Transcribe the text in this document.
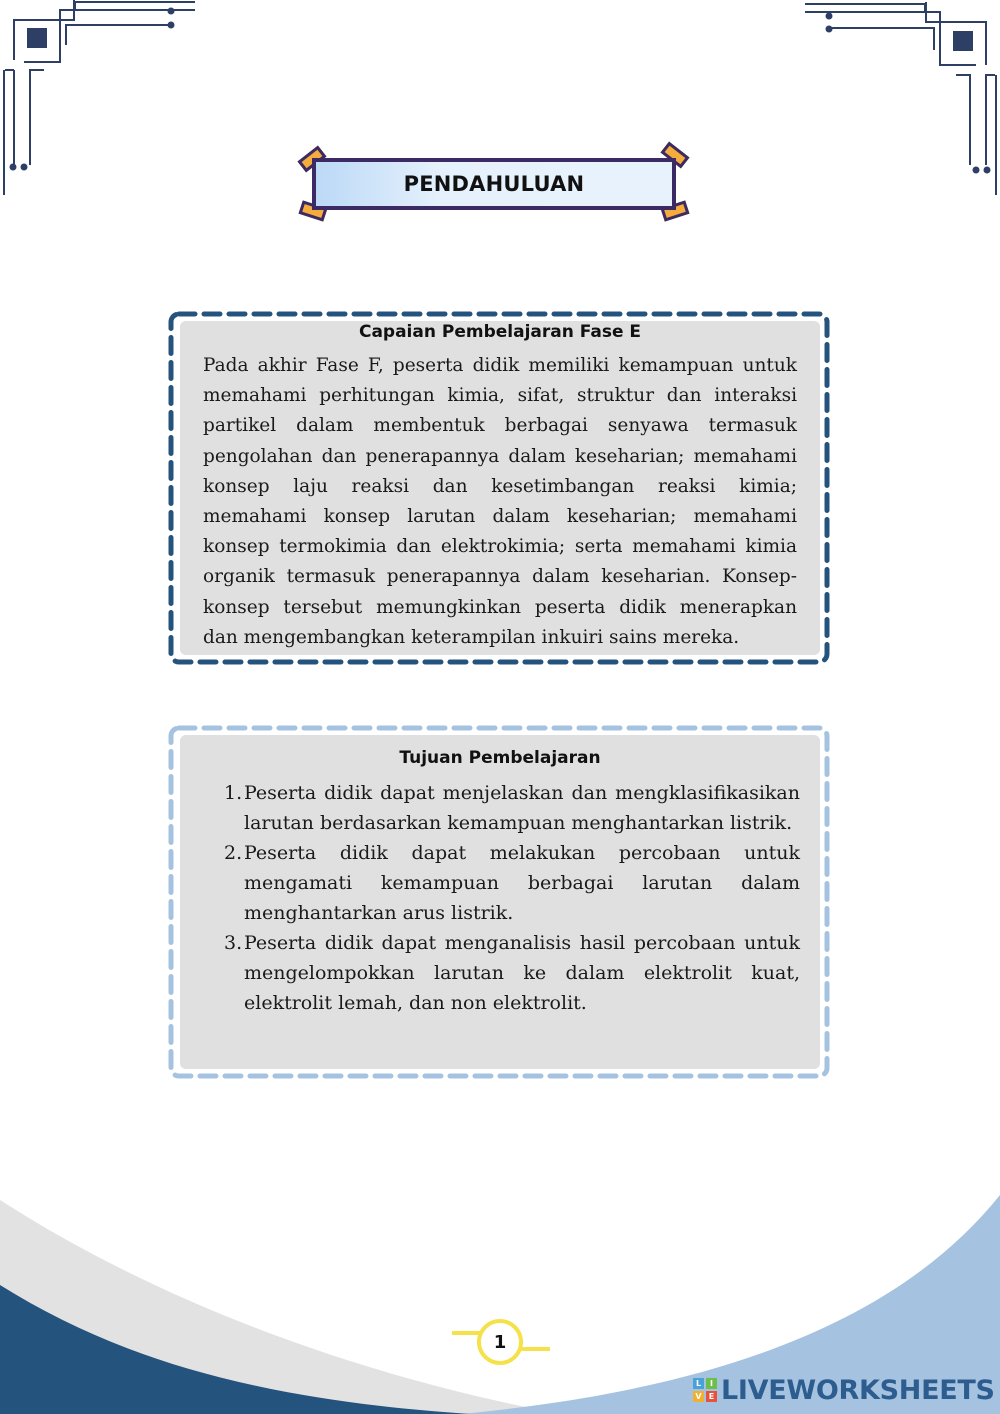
PENDAHULUAN
Capaian Pembelajaran Fase E

Pada akhir Fase F, peserta didik memiliki kemampuan untuk memahami perhitungan kimia, sifat, struktur dan interaksi partikel dalam membentuk berbagai senyawa termasuk pengolahan dan penerapannya dalam keseharian; memahami konsep laju reaksi dan kesetimbangan reaksi kimia; memahami konsep larutan dalam keseharian; memahami konsep termokimia dan elektrokimia; serta memahami kimia organik termasuk penerapannya dalam keseharian. Konsep-konsep tersebut memungkinkan peserta didik menerapkan dan mengembangkan keterampilan inkuiri sains mereka.

Tujuan Pembelajaran
1. Peserta didik dapat menjelaskan dan mengklasifikasikan larutan berdasarkan kemampuan menghantarkan listrik.
2. Peserta didik dapat melakukan percobaan untuk mengamati kemampuan berbagai larutan dalam menghantarkan arus listrik.
3. Peserta didik dapat menganalisis hasil percobaan untuk mengelompokkan larutan ke dalam elektrolit kuat, elektrolit lemah, dan non elektrolit.
1
L	I
V E LIVEWORKSHEETS
